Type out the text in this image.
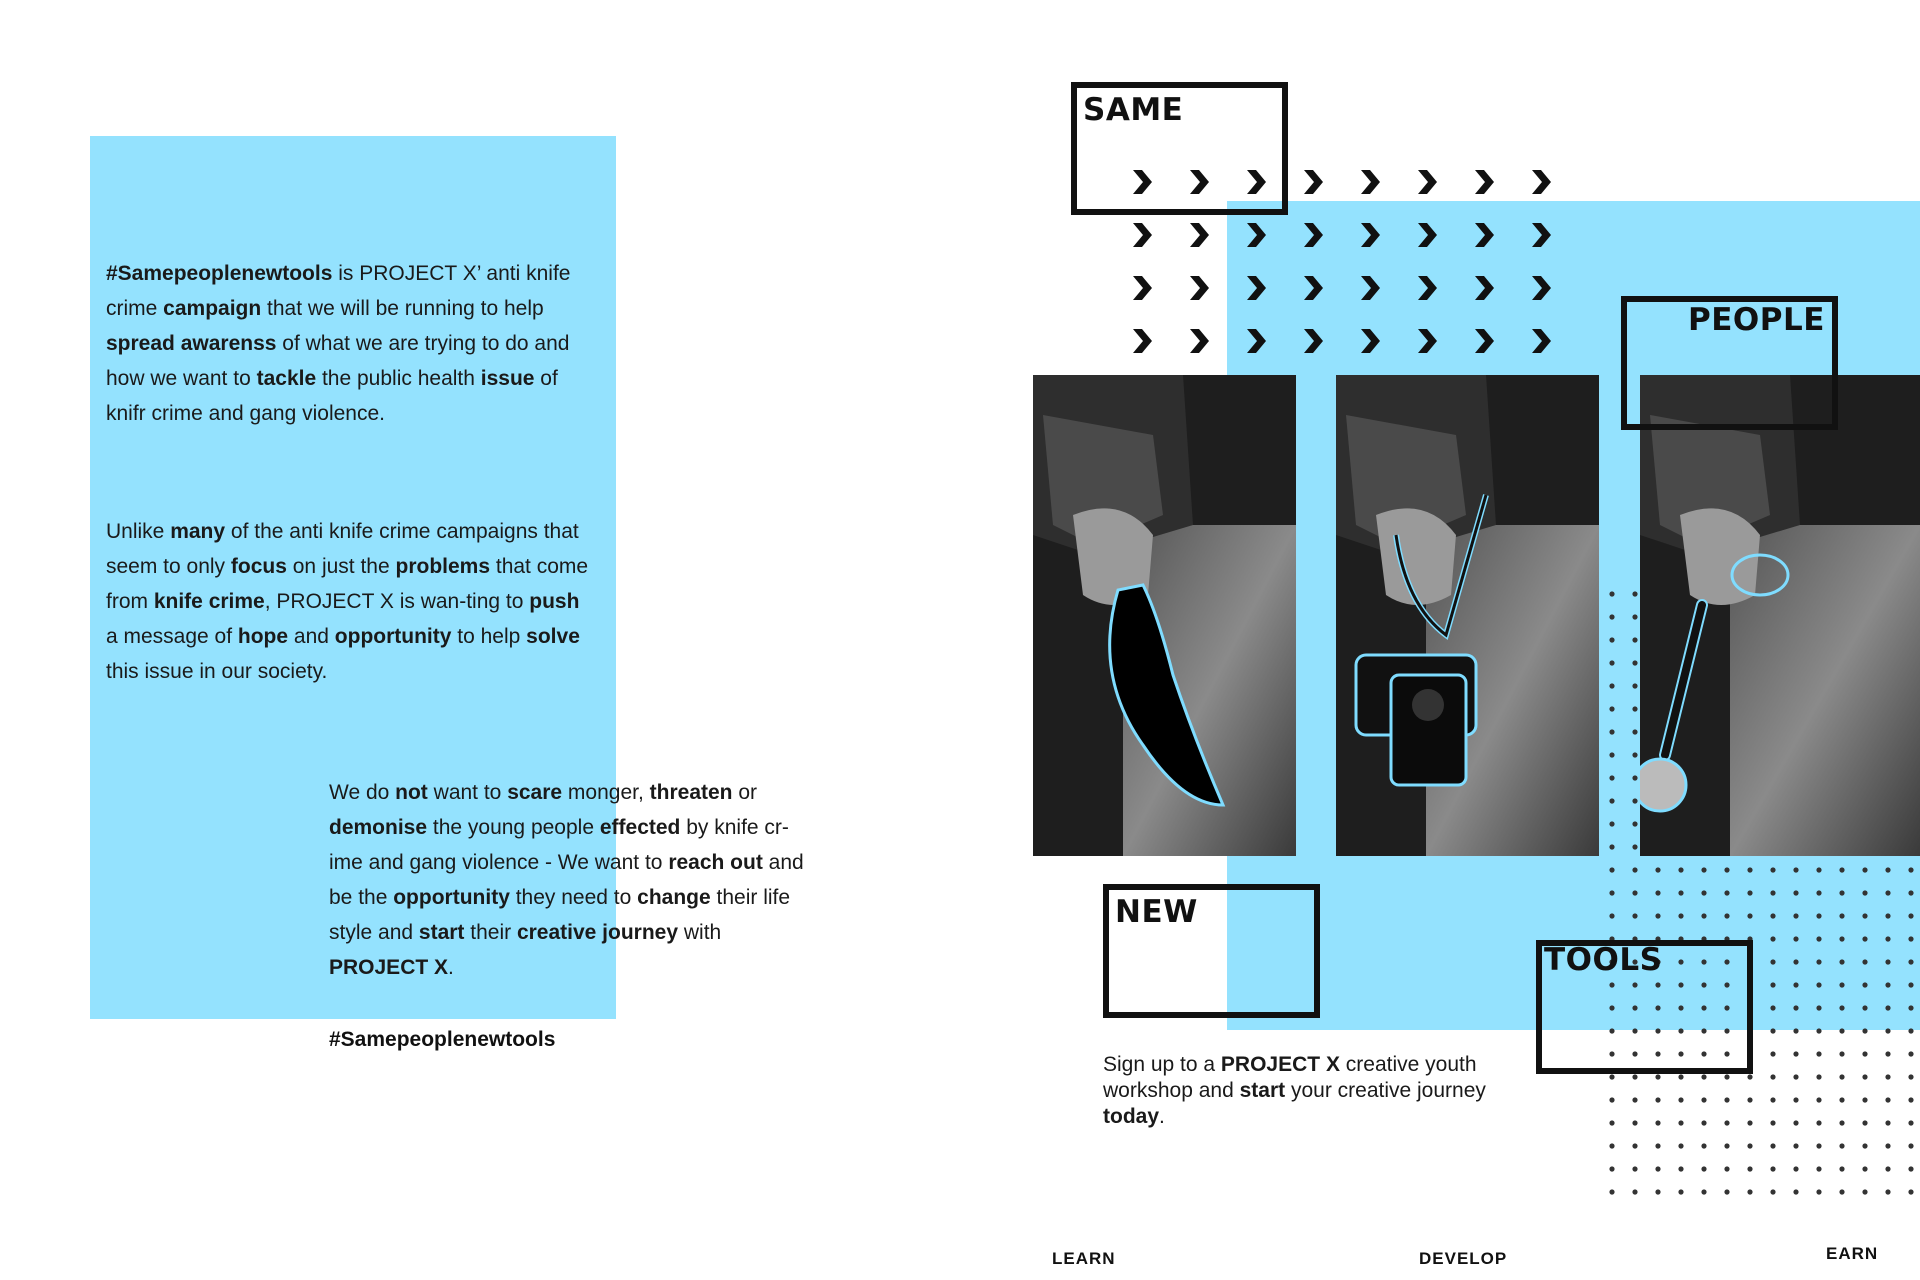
#Samepeoplenewtools is PROJECT X’ anti knife crime campaign that we will be running to help spread awarenss of what we are trying to do and how we want to tackle the public health issue of knifr crime and gang violence.

Unlike many of the anti knife crime campaigns that seem to only focus on just the problems that come from knife crime, PROJECT X is wan-ting to push a message of hope and opportunity to help solve this issue in our society.

We do not want to scare monger, threaten or demonise the young people effected by knife cr-ime and gang violence - We want to reach out and be the opportunity they need to change their life style and start their creative journey with PROJECT X.

#Samepeoplenewtools
SAME
PEOPLE
NEW
TOOLS

Sign up to a PROJECT X creative youth workshop and start your creative journey today.

LEARN	DEVELOP	EARN
